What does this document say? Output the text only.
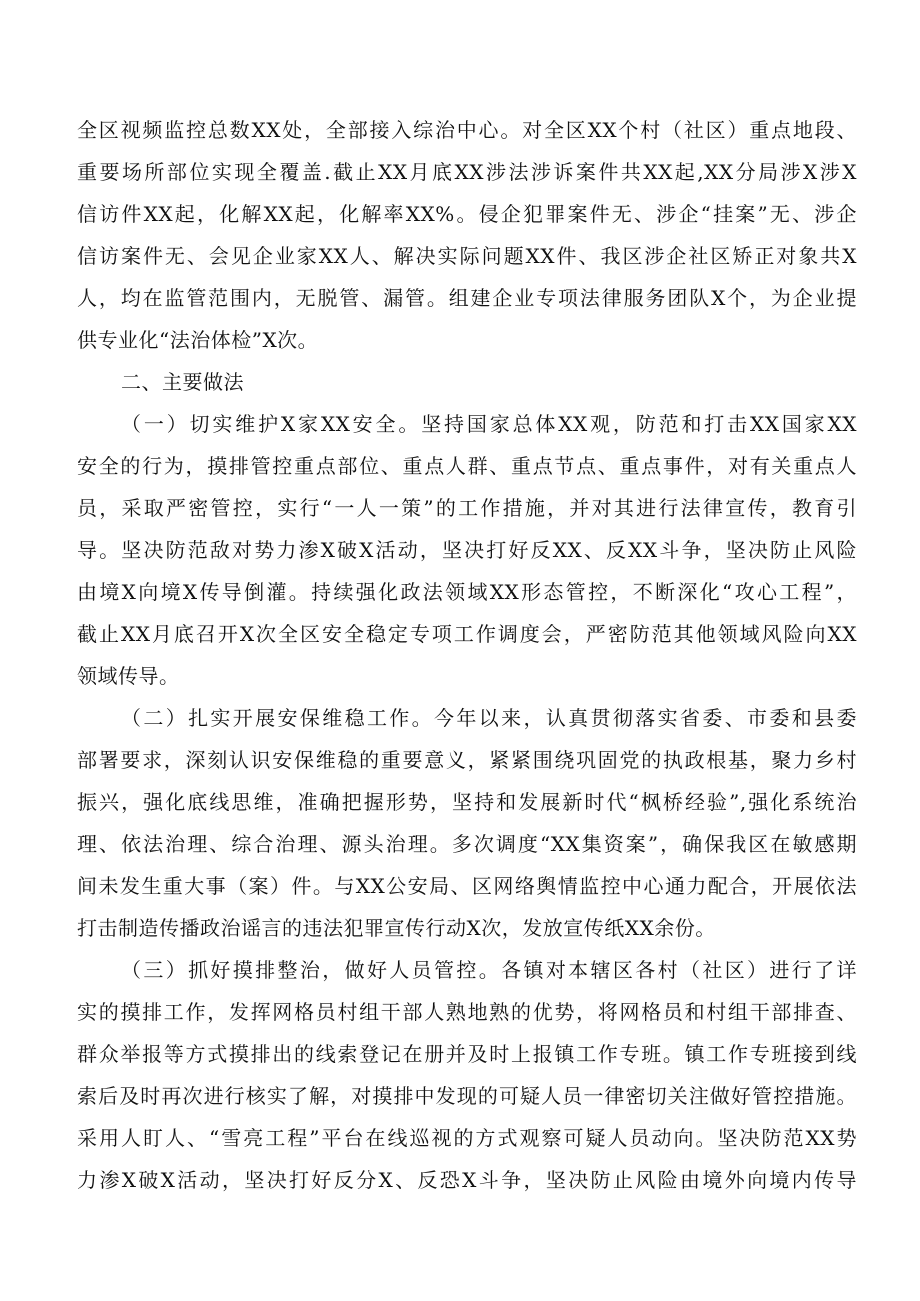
全区视频监控总数XX处，全部接入综治中心。对全区XX个村（社区）重点地段、
重要场所部位实现全覆盖.截止XX月底XX涉法涉诉案件共XX起,XX分局涉X涉X
信访件XX起，化解XX起，化解率XX%。侵企犯罪案件无、涉企“挂案”无、涉企
信访案件无、会见企业家XX人、解决实际问题XX件、我区涉企社区矫正对象共X
人，均在监管范围内，无脱管、漏管。组建企业专项法律服务团队X个，为企业提
供专业化“法治体检”X次。
二、主要做法
（一）切实维护X家XX安全。坚持国家总体XX观，防范和打击XX国家XX
安全的行为，摸排管控重点部位、重点人群、重点节点、重点事件，对有关重点人
员，采取严密管控，实行“一人一策”的工作措施，并对其进行法律宣传，教育引
导。坚决防范敌对势力渗X破X活动，坚决打好反XX、反XX斗争，坚决防止风险
由境X向境X传导倒灌。持续强化政法领域XX形态管控，不断深化“攻心工程”，
截止XX月底召开X次全区安全稳定专项工作调度会，严密防范其他领域风险向XX
领域传导。
（二）扎实开展安保维稳工作。今年以来，认真贯彻落实省委、市委和县委
部署要求，深刻认识安保维稳的重要意义，紧紧围绕巩固党的执政根基，聚力乡村
振兴，强化底线思维，准确把握形势，坚持和发展新时代“枫桥经验”,强化系统治
理、依法治理、综合治理、源头治理。多次调度“XX集资案”，确保我区在敏感期
间未发生重大事（案）件。与XX公安局、区网络舆情监控中心通力配合，开展依法
打击制造传播政治谣言的违法犯罪宣传行动X次，发放宣传纸XX余份。
（三）抓好摸排整治，做好人员管控。各镇对本辖区各村（社区）进行了详
实的摸排工作，发挥网格员村组干部人熟地熟的优势，将网格员和村组干部排查、
群众举报等方式摸排出的线索登记在册并及时上报镇工作专班。镇工作专班接到线
索后及时再次进行核实了解，对摸排中发现的可疑人员一律密切关注做好管控措施。
采用人盯人、“雪亮工程”平台在线巡视的方式观察可疑人员动向。坚决防范XX势
力渗X破X活动，坚决打好反分X、反恐X斗争，坚决防止风险由境外向境内传导
